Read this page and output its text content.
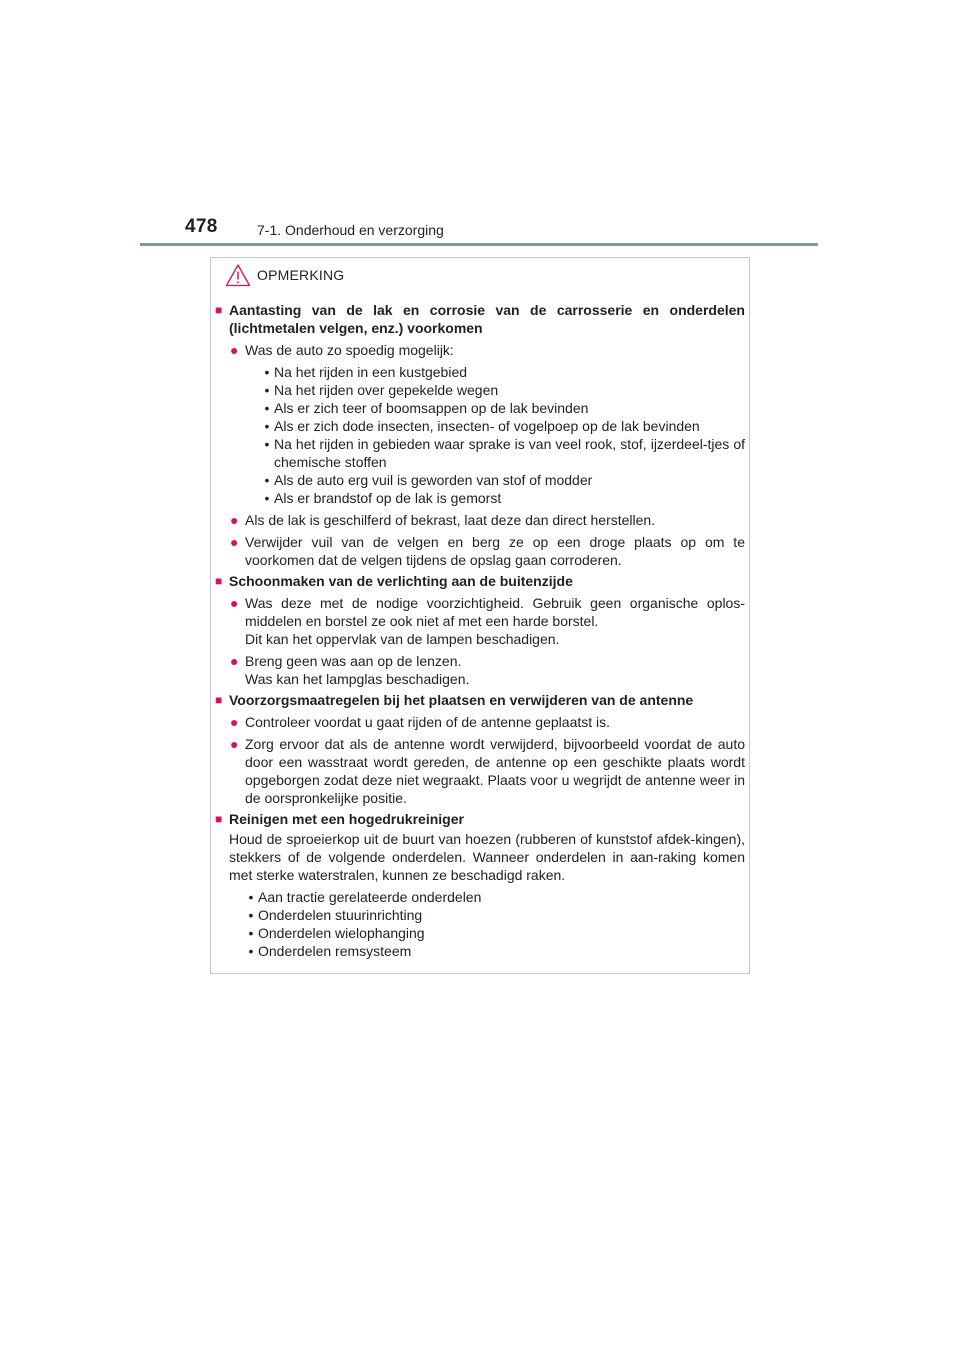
478	7-1. Onderhoud en verzorging
OPMERKING
■ Aantasting van de lak en corrosie van de carrosserie en onderdelen (lichtmetalen velgen, enz.) voorkomen
● Was de auto zo spoedig mogelijk:
• Na het rijden in een kustgebied
• Na het rijden over gepekelde wegen
• Als er zich teer of boomsappen op de lak bevinden
• Als er zich dode insecten, insecten- of vogelpoep op de lak bevinden
• Na het rijden in gebieden waar sprake is van veel rook, stof, ijzerdeel-tjes of chemische stoffen
• Als de auto erg vuil is geworden van stof of modder
• Als er brandstof op de lak is gemorst
● Als de lak is geschilferd of bekrast, laat deze dan direct herstellen.
● Verwijder vuil van de velgen en berg ze op een droge plaats op om te voorkomen dat de velgen tijdens de opslag gaan corroderen.
■ Schoonmaken van de verlichting aan de buitenzijde
● Was deze met de nodige voorzichtigheid. Gebruik geen organische oplos-middelen en borstel ze ook niet af met een harde borstel.
Dit kan het oppervlak van de lampen beschadigen.
● Breng geen was aan op de lenzen.
Was kan het lampglas beschadigen.
■ Voorzorgsmaatregelen bij het plaatsen en verwijderen van de antenne
● Controleer voordat u gaat rijden of de antenne geplaatst is.
● Zorg ervoor dat als de antenne wordt verwijderd, bijvoorbeeld voordat de auto door een wasstraat wordt gereden, de antenne op een geschikte plaats wordt opgeborgen zodat deze niet wegraakt. Plaats voor u wegrijdt de antenne weer in de oorspronkelijke positie.
■ Reinigen met een hogedrukreiniger
Houd de sproeierkop uit de buurt van hoezen (rubberen of kunststof afdek-kingen), stekkers of de volgende onderdelen. Wanneer onderdelen in aan-raking komen met sterke waterstralen, kunnen ze beschadigd raken.
• Aan tractie gerelateerde onderdelen
• Onderdelen stuurinrichting
• Onderdelen wielophanging
• Onderdelen remsysteem
